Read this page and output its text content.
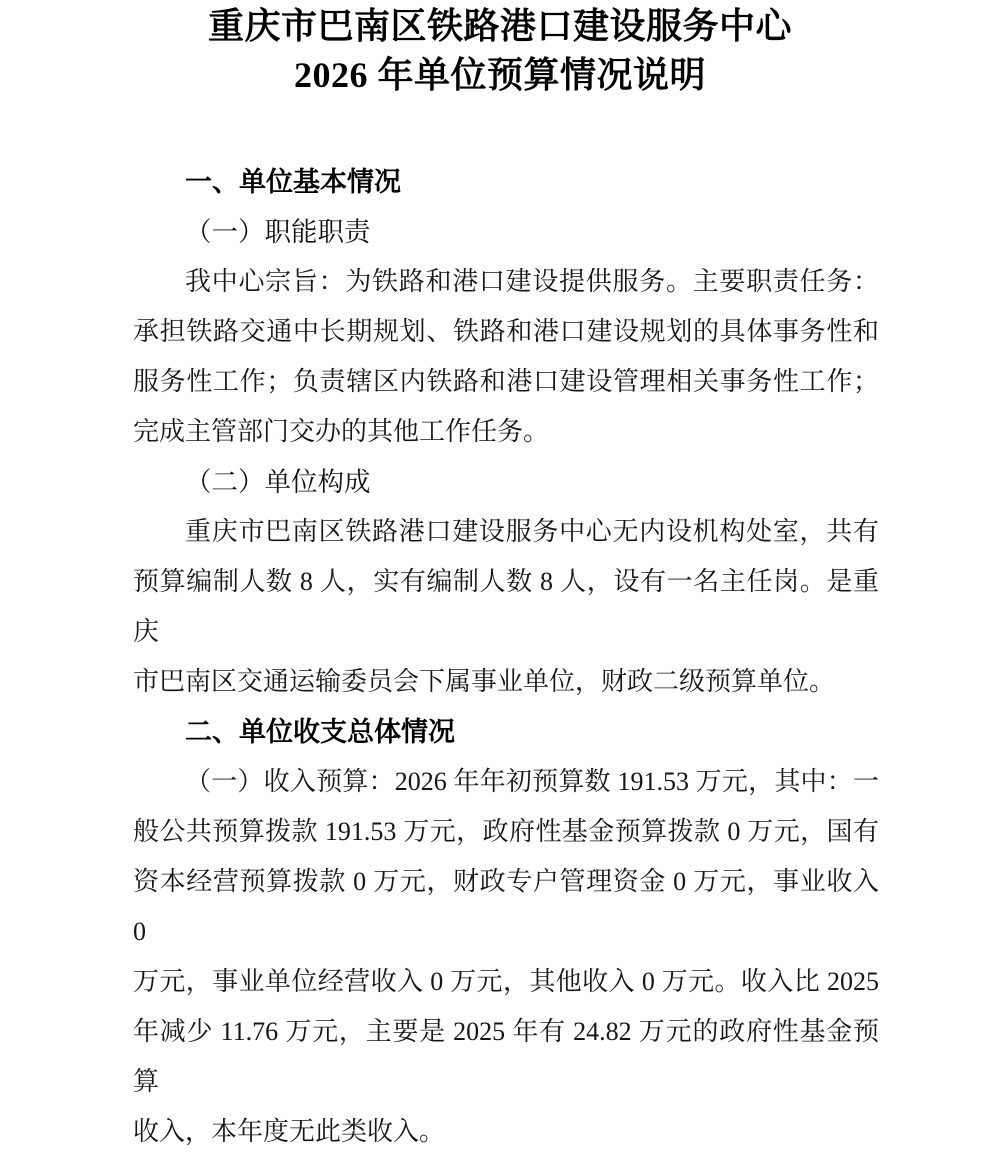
重庆市巴南区铁路港口建设服务中心
2026 年单位预算情况说明
一、单位基本情况
（一）职能职责
我中心宗旨：为铁路和港口建设提供服务。主要职责任务：
承担铁路交通中长期规划、铁路和港口建设规划的具体事务性和
服务性工作；负责辖区内铁路和港口建设管理相关事务性工作；
完成主管部门交办的其他工作任务。
（二）单位构成
重庆市巴南区铁路港口建设服务中心无内设机构处室，共有
预算编制人数 8 人，实有编制人数 8 人，设有一名主任岗。是重庆
市巴南区交通运输委员会下属事业单位，财政二级预算单位。
二、单位收支总体情况
（一）收入预算：2026 年年初预算数 191.53 万元，其中：一
般公共预算拨款 191.53 万元，政府性基金预算拨款 0 万元，国有
资本经营预算拨款 0 万元，财政专户管理资金 0 万元，事业收入 0
万元，事业单位经营收入 0 万元，其他收入 0 万元。收入比 2025
年减少 11.76 万元，主要是 2025 年有 24.82 万元的政府性基金预算
收入，本年度无此类收入。
